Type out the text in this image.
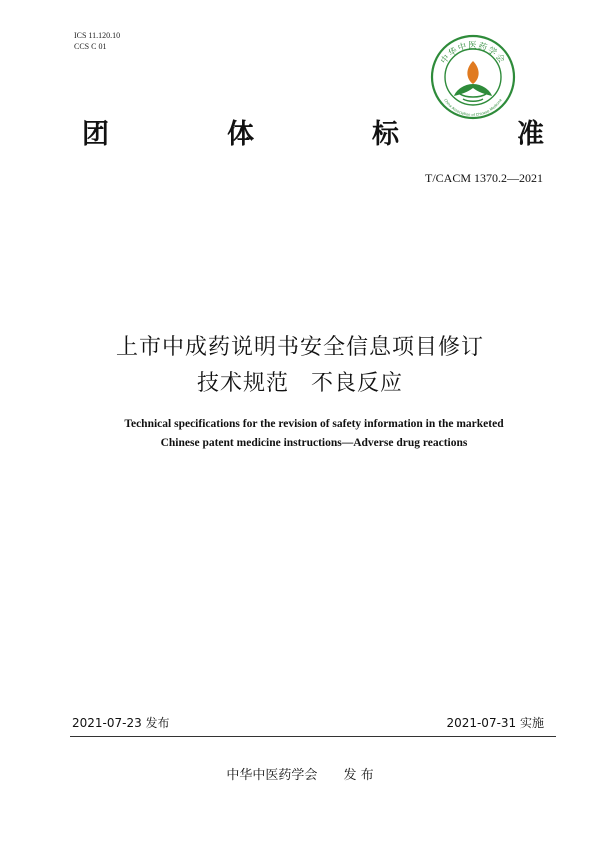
ICS 11.120.10
CCS C 01
中华中医药学会
China Association of Chinese Medicine
团	体	标	准
T/CACM 1370.2—2021
上市中成药说明书安全信息项目修订
技术规范 不良反应
Technical specifications for the revision of safety information in the marketed
Chinese patent medicine instructions—Adverse drug reactions
2021-07-23 发布	2021-07-31 实施
中华中医药学会 发 布
